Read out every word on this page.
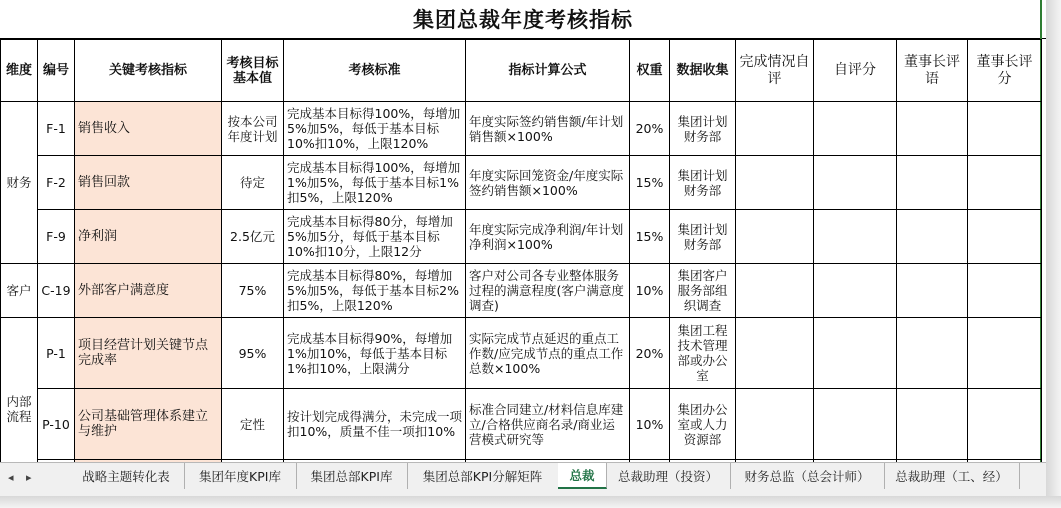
集团总裁年度考核指标
维度	编号	关键考核指标	考核目标基本值	考核标准	指标计算公式	权重	数据收集	完成情况自评	自评分	董事长评语	董事长评分
财务	F-1	销售收入	按本公司年度计划	完成基本目标得100%，每增加5%加5%，每低于基本目标10%扣10%，上限120%	年度实际签约销售额/年计划销售额×100%	20%	集团计划财务部				
	F-2	销售回款	待定	完成基本目标得100%，每增加1%加5%，每低于基本目标1%扣5%，上限120%	年度实际回笼资金/年度实际签约销售额×100%	15%	集团计划财务部				
	F-9	净利润	2.5亿元	完成基本目标得80分，每增加5%加5分，每低于基本目标10%扣10分，上限12分	年度实际完成净利润/年计划净利润×100%	15%	集团计划财务部				
客户	C-19	外部客户满意度	75%	完成基本目标得80%，每增加5%加5%，每低于基本目标2%扣5%，上限120%	客户对公司各专业整体服务过程的满意程度(客户满意度调查)	10%	集团客户服务部组织调查				
内部流程	P-1	项目经营计划关键节点完成率	95%	完成基本目标得90%，每增加1%加10%，每低于基本目标1%扣10%，上限满分	实际完成节点延迟的重点工作数/应完成节点的重点工作总数×100%	20%	集团工程技术管理部或办公室				
	P-10	公司基础管理体系建立与维护	定性	按计划完成得满分，未完成一项扣10%，质量不佳一项扣10%	标准合同建立/材料信息库建立/合格供应商名录/商业运营模式研究等	10%	集团办公室或人力资源部				

◂ ▸	战略主题转化表	集团年度KPI库	集团总部KPI库	集团总部KPI分解矩阵	总裁	总裁助理（投资）	财务总监（总会计师）	总裁助理（工、经）
